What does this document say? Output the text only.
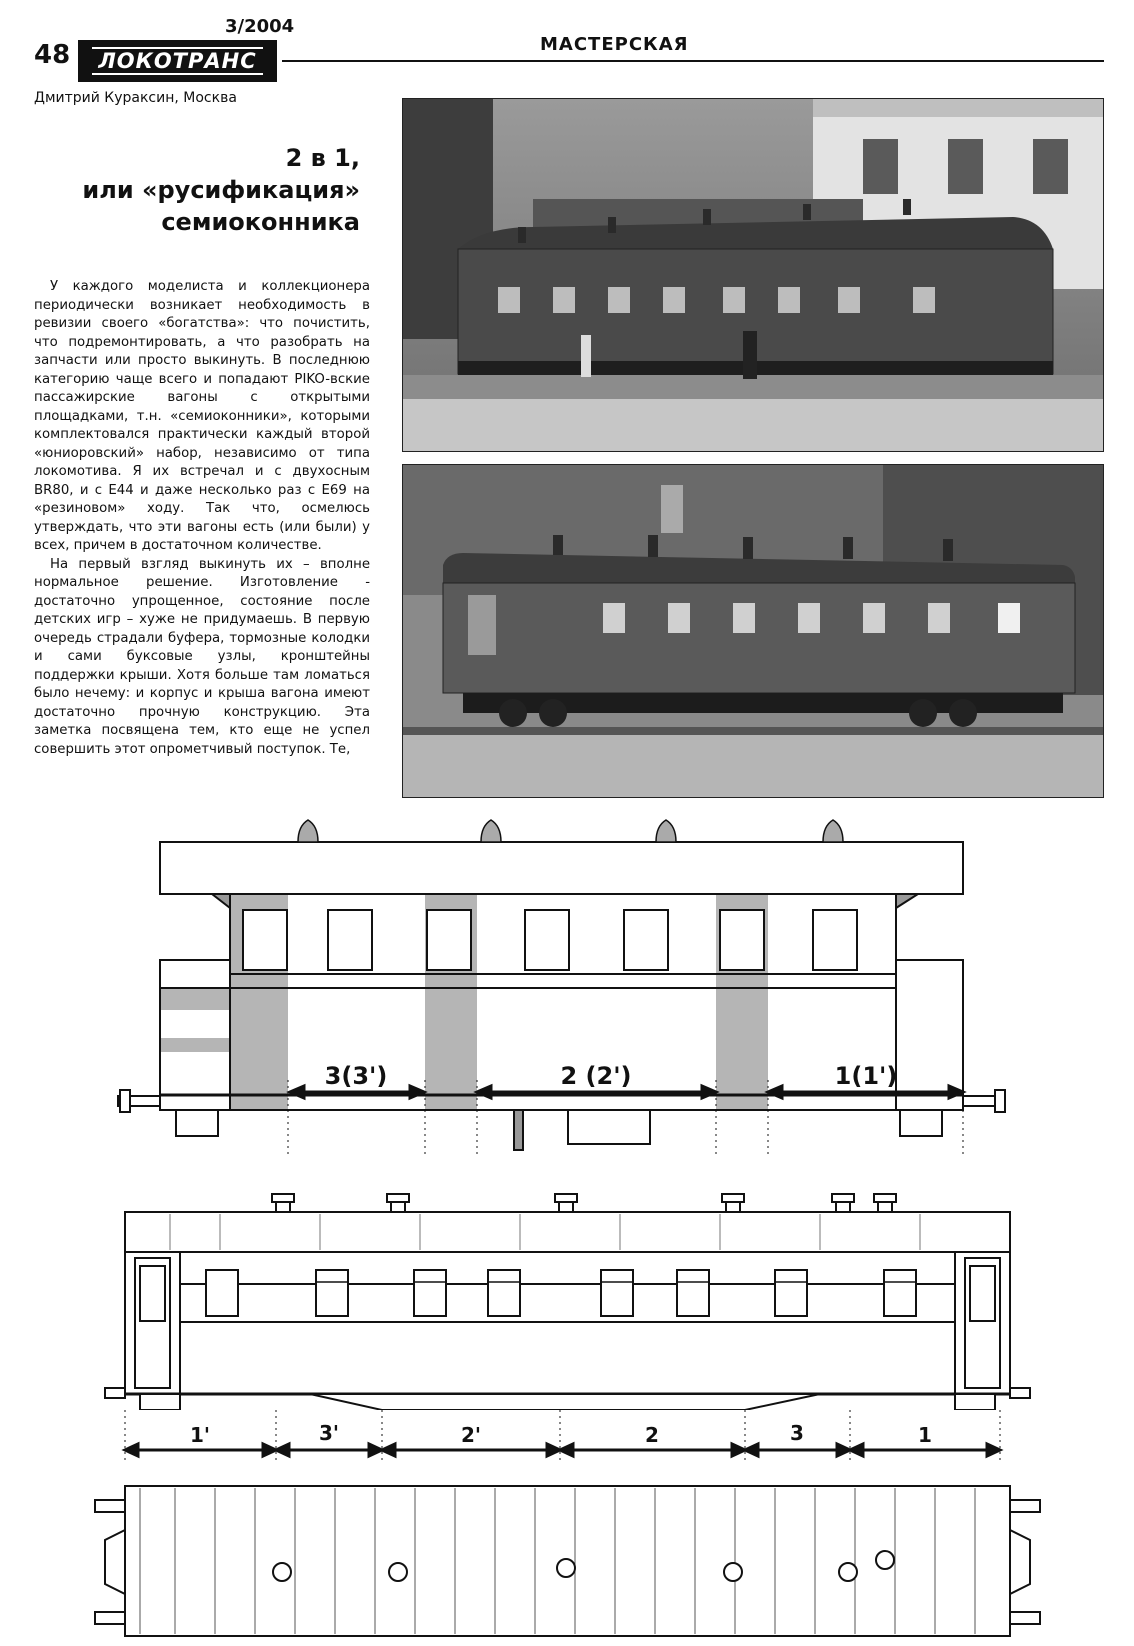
3/2004
48 ЛОКОТРАНС
МАСТЕРСКАЯ
Дмитрий Кураксин, Москва
2 в 1,
или «русификация»
семиоконника

У каждого моделиста и коллекционера периодически возникает необходимость в ревизии своего «богатства»: что почистить, что подремонтировать, а что разобрать на запчасти или просто выкинуть. В последнюю категорию чаще всего и попадают PIKO-вские пассажирские вагоны с открытыми площадками, т.н. «семиоконники», которыми комплектовался практически каждый второй «юниоровский» набор, независимо от типа локомотива. Я их встречал и с двухосным BR80, и с Е44 и даже несколько раз с Е69 на «резиновом» ходу. Так что, осмелюсь утверждать, что эти вагоны есть (или были) у всех, причем в достаточном количестве.

На первый взгляд выкинуть их – вполне нормальное решение. Изготовление - достаточно упрощенное, состояние после детских игр – хуже не придумаешь. В первую очередь страдали буфера, тормозные колодки и сами буксовые узлы, кронштейны поддержки крыши. Хотя больше там ломаться было нечему: и корпус и крыша вагона имеют достаточно прочную конструкцию. Эта заметка посвящена тем, кто еще не успел совершить этот опрометчивый поступок. Те,

3(3')	2 (2')	1(1')
1'	3'	2'	2	3	1
